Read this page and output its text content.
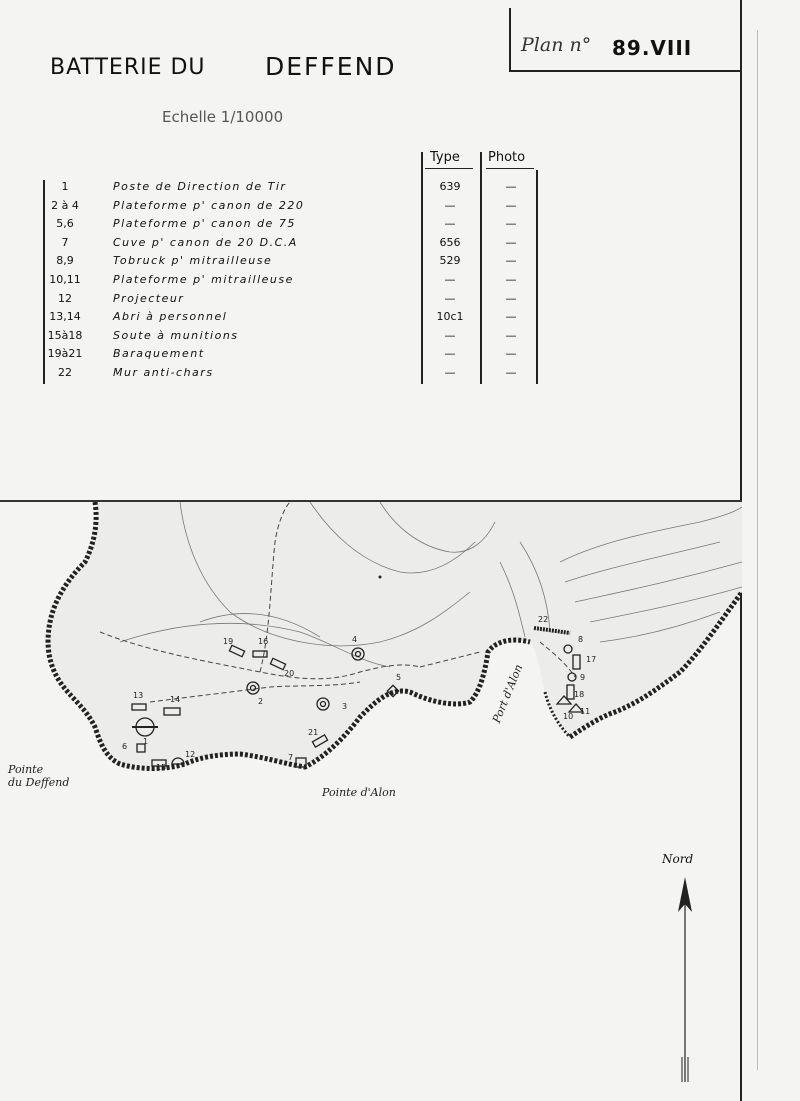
Plan n° 89.VIII
BATTERIE DU DEFFEND
Echelle 1/10000
Type Photo
1	Poste de Direction de Tir	639	—
2 à 4	Plateforme p' canon de 220	—	—
5,6	Plateforme p' canon de 75	—	—
7	Cuve p' canon de 20 D.C.A	656	—
8,9	Tobruck p' mitrailleuse	529	—
10,11	Plateforme p' mitrailleuse	—	—
12	Projecteur	—	—
13,14	Abri à personnel	10c1	—
15à18	Soute à munitions	—	—
19à21	Baraquement	—	—
22	Mur anti-chars	—	—
1
2
3
4
5
6
7
8
9
10
11
12
13	14
15
16
17
18
19
20
21
22
Pointe
du Deffend
Pointe d'Alon
Port d'Alon
Nord
